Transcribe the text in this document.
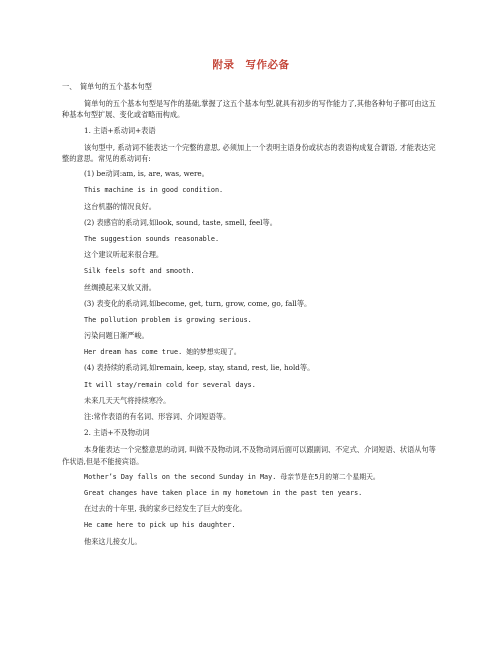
附录　写作必备
一、　简单句的五个基本句型
简单句的五个基本句型是写作的基础,掌握了这五个基本句型,就具有初步的写作能力了,其他各种句子都可由这五种基本句型扩展、变化或省略而构成。
1. 主语+系动词+表语
该句型中, 系动词不能表达一个完整的意思, 必须加上一个表明主语身份或状态的表语构成复合谓语, 才能表达完整的意思。常见的系动词有:
(1) be动词:am, is, are, was, were。
This machine is in good condition.
这台机器的情况良好。
(2) 表感官的系动词,如look, sound, taste, smell, feel等。
The suggestion sounds reasonable.
这个建议听起来很合理。
Silk feels soft and smooth.
丝绸摸起来又软又滑。
(3) 表变化的系动词,如become, get, turn, grow, come, go, fall等。
The pollution problem is growing serious.
污染问题日渐严峻。
Her dream has come true. 她的梦想实现了。
(4) 表持续的系动词,如remain, keep, stay, stand, rest, lie, hold等。
It will stay/remain cold for several days.
未来几天天气将持续寒冷。
注:常作表语的有名词、形容词、介词短语等。
2. 主语+不及物动词
本身能表达一个完整意思的动词, 叫做不及物动词,不及物动词后面可以跟副词、不定式、介词短语、状语从句等作状语,但是不能接宾语。
Mother’s Day falls on the second Sunday in May. 母亲节是在5月的第二个星期天。
Great changes have taken place in my hometown in the past ten years.
在过去的十年里, 我的家乡已经发生了巨大的变化。
He came here to pick up his daughter.
他来这儿接女儿。
